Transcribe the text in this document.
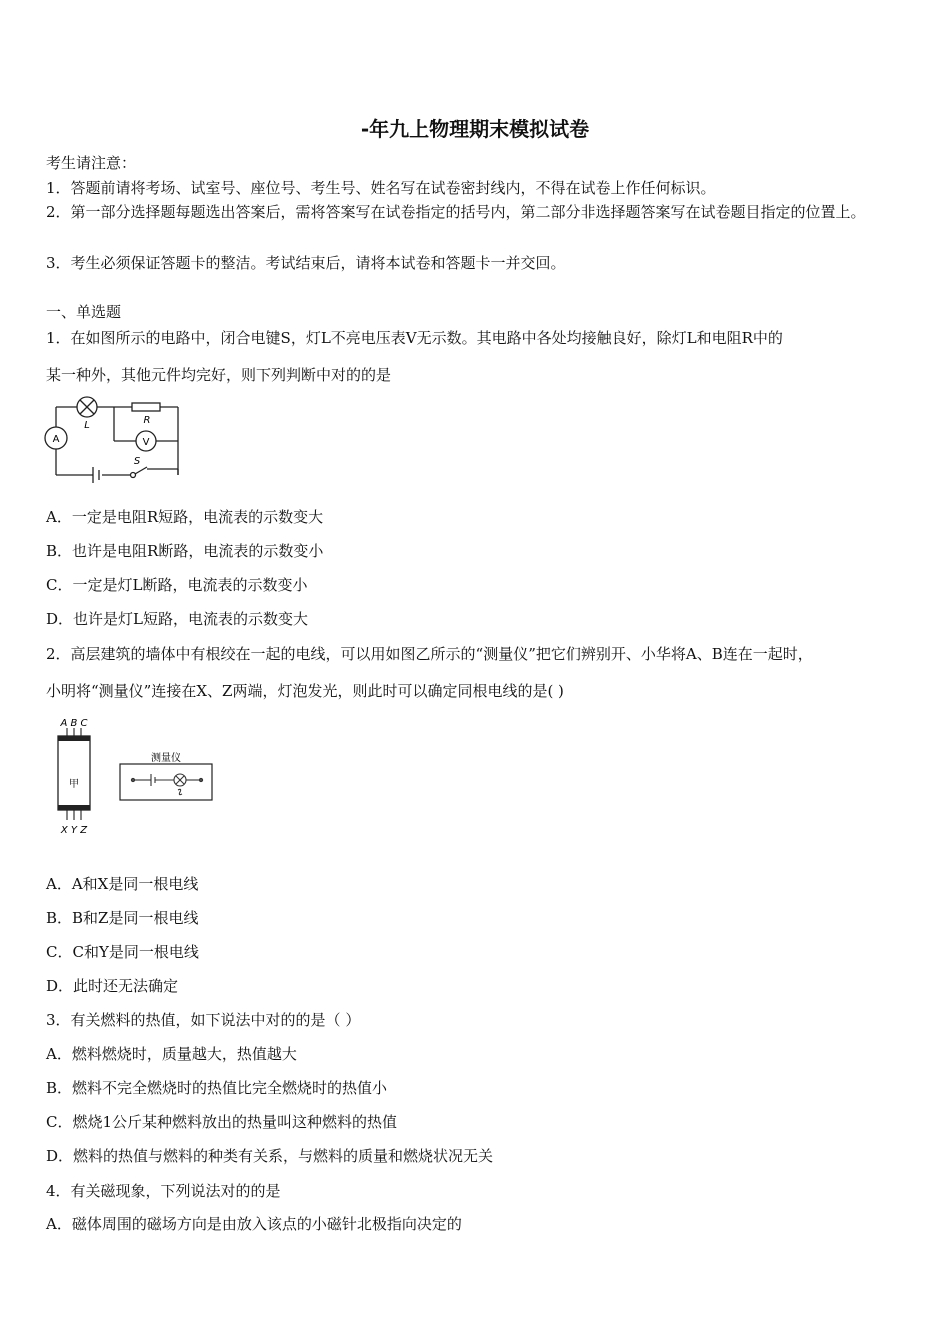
-年九上物理期末模拟试卷
考生请注意：
1．答题前请将考场、试室号、座位号、考生号、姓名写在试卷密封线内，不得在试卷上作任何标识。
2．第一部分选择题每题选出答案后，需将答案写在试卷指定的括号内，第二部分非选择题答案写在试卷题目指定的位置上。
3．考生必须保证答题卡的整洁。考试结束后，请将本试卷和答题卡一并交回。
一、单选题
1．在如图所示的电路中，闭合电键S，灯L不亮电压表V无示数。其电路中各处均接触良好，除灯L和电阻R中的
某一种外，其他元件均完好，则下列判断中对的的是
L	R
A	V
S
A．一定是电阻R短路，电流表的示数变大
B．也许是电阻R断路，电流表的示数变小
C．一定是灯L断路，电流表的示数变小
D．也许是灯L短路，电流表的示数变大
2．高层建筑的墙体中有根绞在一起的电线，可以用如图乙所示的“测量仪”把它们辨别开、小华将A、B连在一起时，
小明将“测量仪”连接在X、Z两端，灯泡发光，则此时可以确定同根电线的是( )
A B C
甲
X Y Z
测量仪
A．A和X是同一根电线
B．B和Z是同一根电线
C．C和Y是同一根电线
D．此时还无法确定
3．有关燃料的热值，如下说法中对的的是（ ）
A．燃料燃烧时，质量越大，热值越大
B．燃料不完全燃烧时的热值比完全燃烧时的热值小
C．燃烧1公斤某种燃料放出的热量叫这种燃料的热值
D．燃料的热值与燃料的种类有关系，与燃料的质量和燃烧状况无关
4．有关磁现象，下列说法对的的是
A．磁体周围的磁场方向是由放入该点的小磁针北极指向决定的
